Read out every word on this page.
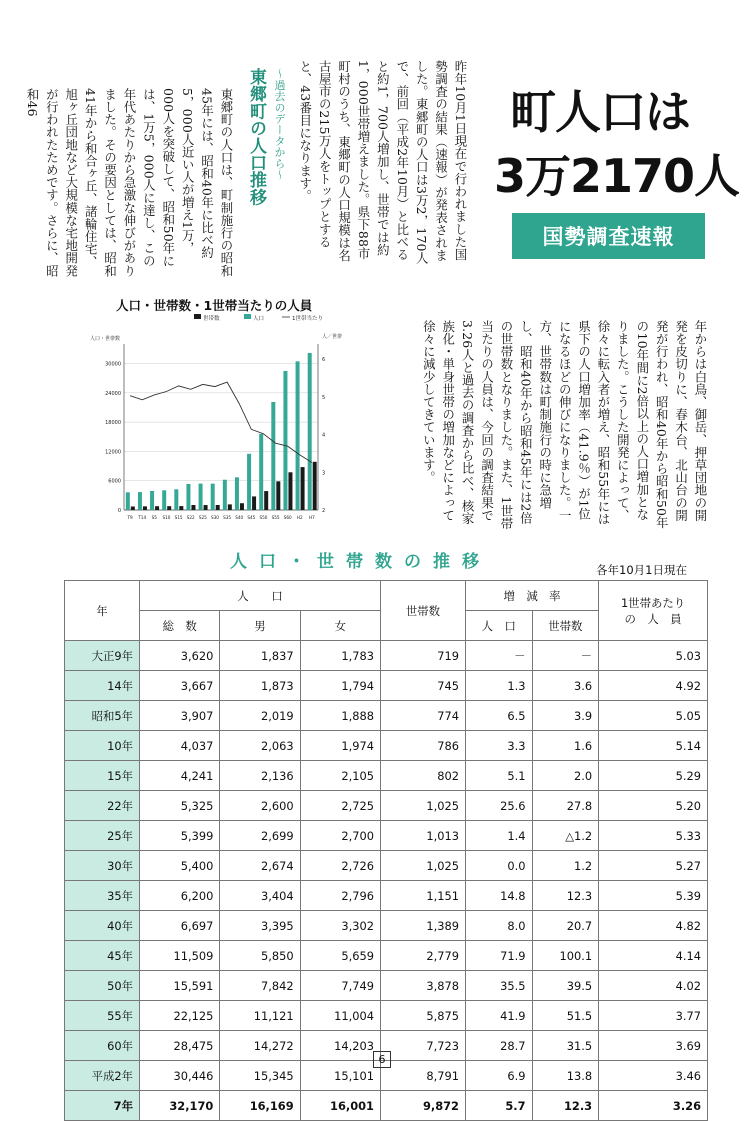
町人口は
3万2170人
国勢調査速報
昨年10月1日現在で行われました国勢調査の結果（速報）が発表されました。東郷町の人口は3万2，170人で、前回（平成2年10月）と比べると約1，700人増加し、世帯では約1，000世帯増えました。県下88市町村のうち、東郷町の人口規模は名古屋市の215万人をトップとすると、43番目になります。
年からは白鳥、御岳、押草団地の開発を皮切りに、春木台、北山台の開発が行われ、昭和40年から昭和50年の10年間に2倍以上の人口増加となりました。こうした開発によって、徐々に転入者が増え、昭和55年には県下の人口増加率（41.9％）が1位になるほどの伸びになりました。一方、世帯数は町制施行の時に急増し、昭和40年から昭和45年には2倍の世帯数となりました。また、1世帯当たりの人員は、今回の調査結果で3.26人と過去の調査から比べ、核家族化・単身世帯の増加などによって徐々に減少してきています。
〜過去のデータから〜
東郷町の人口推移
東郷町の人口は、町制施行の昭和45年には、昭和40年に比べ約5，000人近い人が増え1万，000人を突破して、昭和50年には、1万5，000人に達し、この年代あたりから急激な伸びがありました。その要因としては、昭和41年から和合ヶ丘、諸輪住宅、旭ヶ丘団地など大規模な宅地開発が行われたためです。さらに、昭和46
人口・世帯数・1世帯当たりの人員
世帯数	人口	1世帯当たり
人口・世帯数	人／世帯
30000
24000
18000
12000
6000
0
6
5
4
3
2
T9 T14 S5 S10 S15 S22 S25 S30 S35 S40 S45 S50 S55 S60 H2 H7
人口・世帯数の推移	各年10月1日現在
年	人　　口			世帯数	増　減　率		1世帯あたり
の　人　員

	総　数	男	女		人　口	世帯数	
大正9年	3,620	1,837	1,783	719	－	－	5.03
14年	3,667	1,873	1,794	745	1.3	3.6	4.92
昭和5年	3,907	2,019	1,888	774	6.5	3.9	5.05
10年	4,037	2,063	1,974	786	3.3	1.6	5.14
15年	4,241	2,136	2,105	802	5.1	2.0	5.29
22年	5,325	2,600	2,725	1,025	25.6	27.8	5.20
25年	5,399	2,699	2,700	1,013	1.4	△1.2	5.33
30年	5,400	2,674	2,726	1,025	0.0	1.2	5.27
35年	6,200	3,404	2,796	1,151	14.8	12.3	5.39
40年	6,697	3,395	3,302	1,389	8.0	20.7	4.82
45年	11,509	5,850	5,659	2,779	71.9	100.1	4.14
50年	15,591	7,842	7,749	3,878	35.5	39.5	4.02
55年	22,125	11,121	11,004	5,875	41.9	51.5	3.77
60年	28,475	14,272	14,203	7,723	28.7	31.5	3.69
平成2年	30,446	15,345	15,101	8,791	6.9	13.8	3.46
7年	32,170	16,169	16,001	9,872	5.7	12.3	3.26
6
